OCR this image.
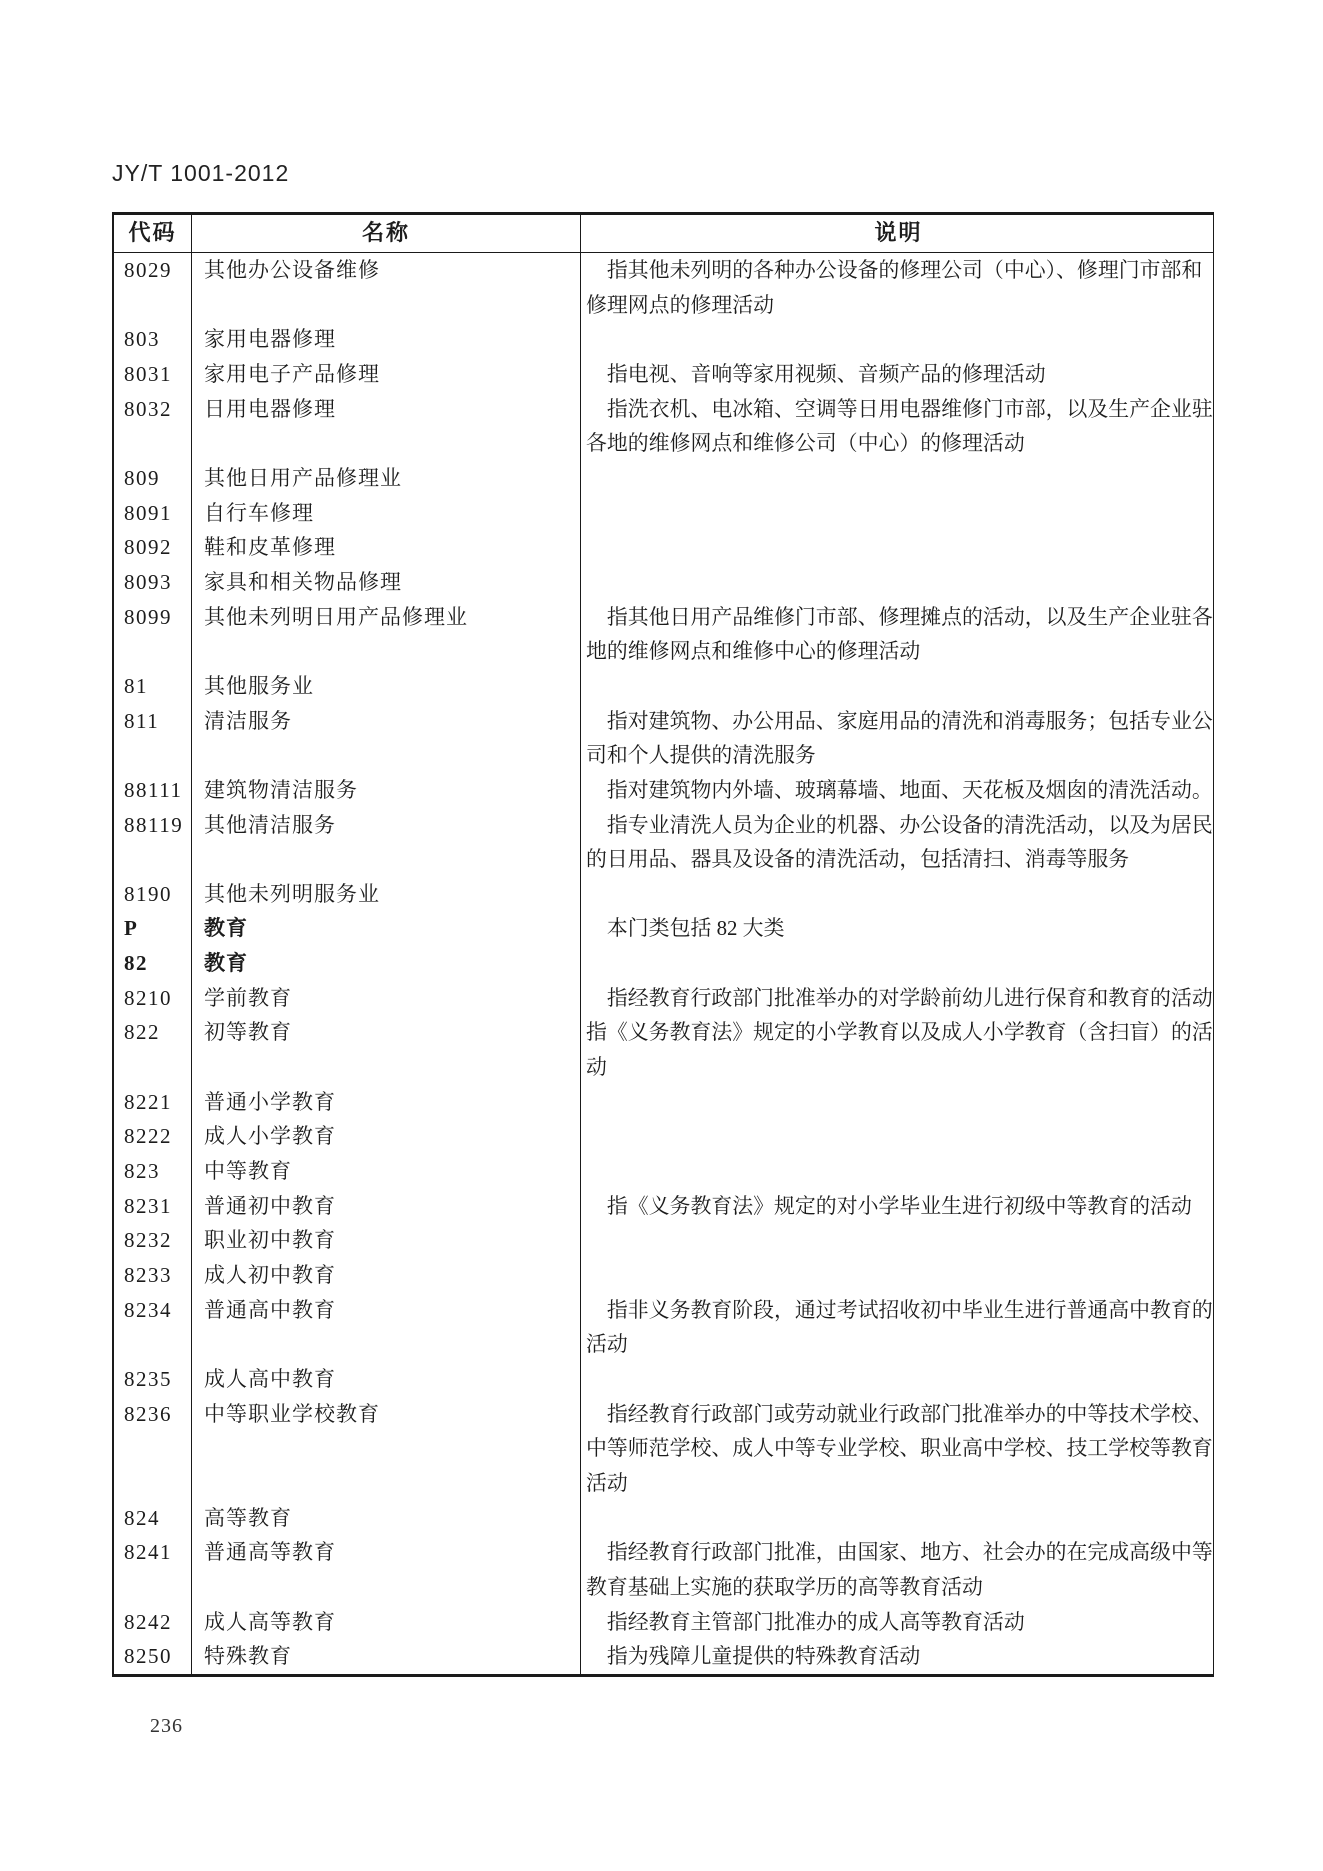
JY/T 1001-2012
代码	名称	说明
8029	其他办公设备维修	指其他未列明的各种办公设备的修理公司（中心）、修理门市部和修理网点的修理活动
803	家用电器修理
8031	家用电子产品修理	指电视、音响等家用视频、音频产品的修理活动
8032	日用电器修理	指洗衣机、电冰箱、空调等日用电器维修门市部，以及生产企业驻各地的维修网点和维修公司（中心）的修理活动
809	其他日用产品修理业
8091	自行车修理
8092	鞋和皮革修理
8093	家具和相关物品修理
8099	其他未列明日用产品修理业	指其他日用产品维修门市部、修理摊点的活动，以及生产企业驻各地的维修网点和维修中心的修理活动
81	其他服务业
811	清洁服务	指对建筑物、办公用品、家庭用品的清洗和消毒服务；包括专业公司和个人提供的清洗服务
88111	建筑物清洁服务	指对建筑物内外墙、玻璃幕墙、地面、天花板及烟囱的清洗活动。
88119 其他清洁服务	指专业清洗人员为企业的机器、办公设备的清洗活动，以及为居民的日用品、器具及设备的清洗活动，包括清扫、消毒等服务
8190	其他未列明服务业
P	教育	本门类包括 82 大类
82	教育
8210	学前教育	指经教育行政部门批准举办的对学龄前幼儿进行保育和教育的活动
822	初等教育	指《义务教育法》规定的小学教育以及成人小学教育（含扫盲）的活动
8221	普通小学教育
8222	成人小学教育
823	中等教育
8231	普通初中教育	指《义务教育法》规定的对小学毕业生进行初级中等教育的活动
8232	职业初中教育
8233	成人初中教育
8234	普通高中教育	指非义务教育阶段，通过考试招收初中毕业生进行普通高中教育的活动
8235	成人高中教育
8236	中等职业学校教育	指经教育行政部门或劳动就业行政部门批准举办的中等技术学校、中等师范学校、成人中等专业学校、职业高中学校、技工学校等教育活动
824	高等教育
8241	普通高等教育	指经教育行政部门批准，由国家、地方、社会办的在完成高级中等教育基础上实施的获取学历的高等教育活动
8242	成人高等教育	指经教育主管部门批准办的成人高等教育活动
8250	特殊教育	指为残障儿童提供的特殊教育活动
236
